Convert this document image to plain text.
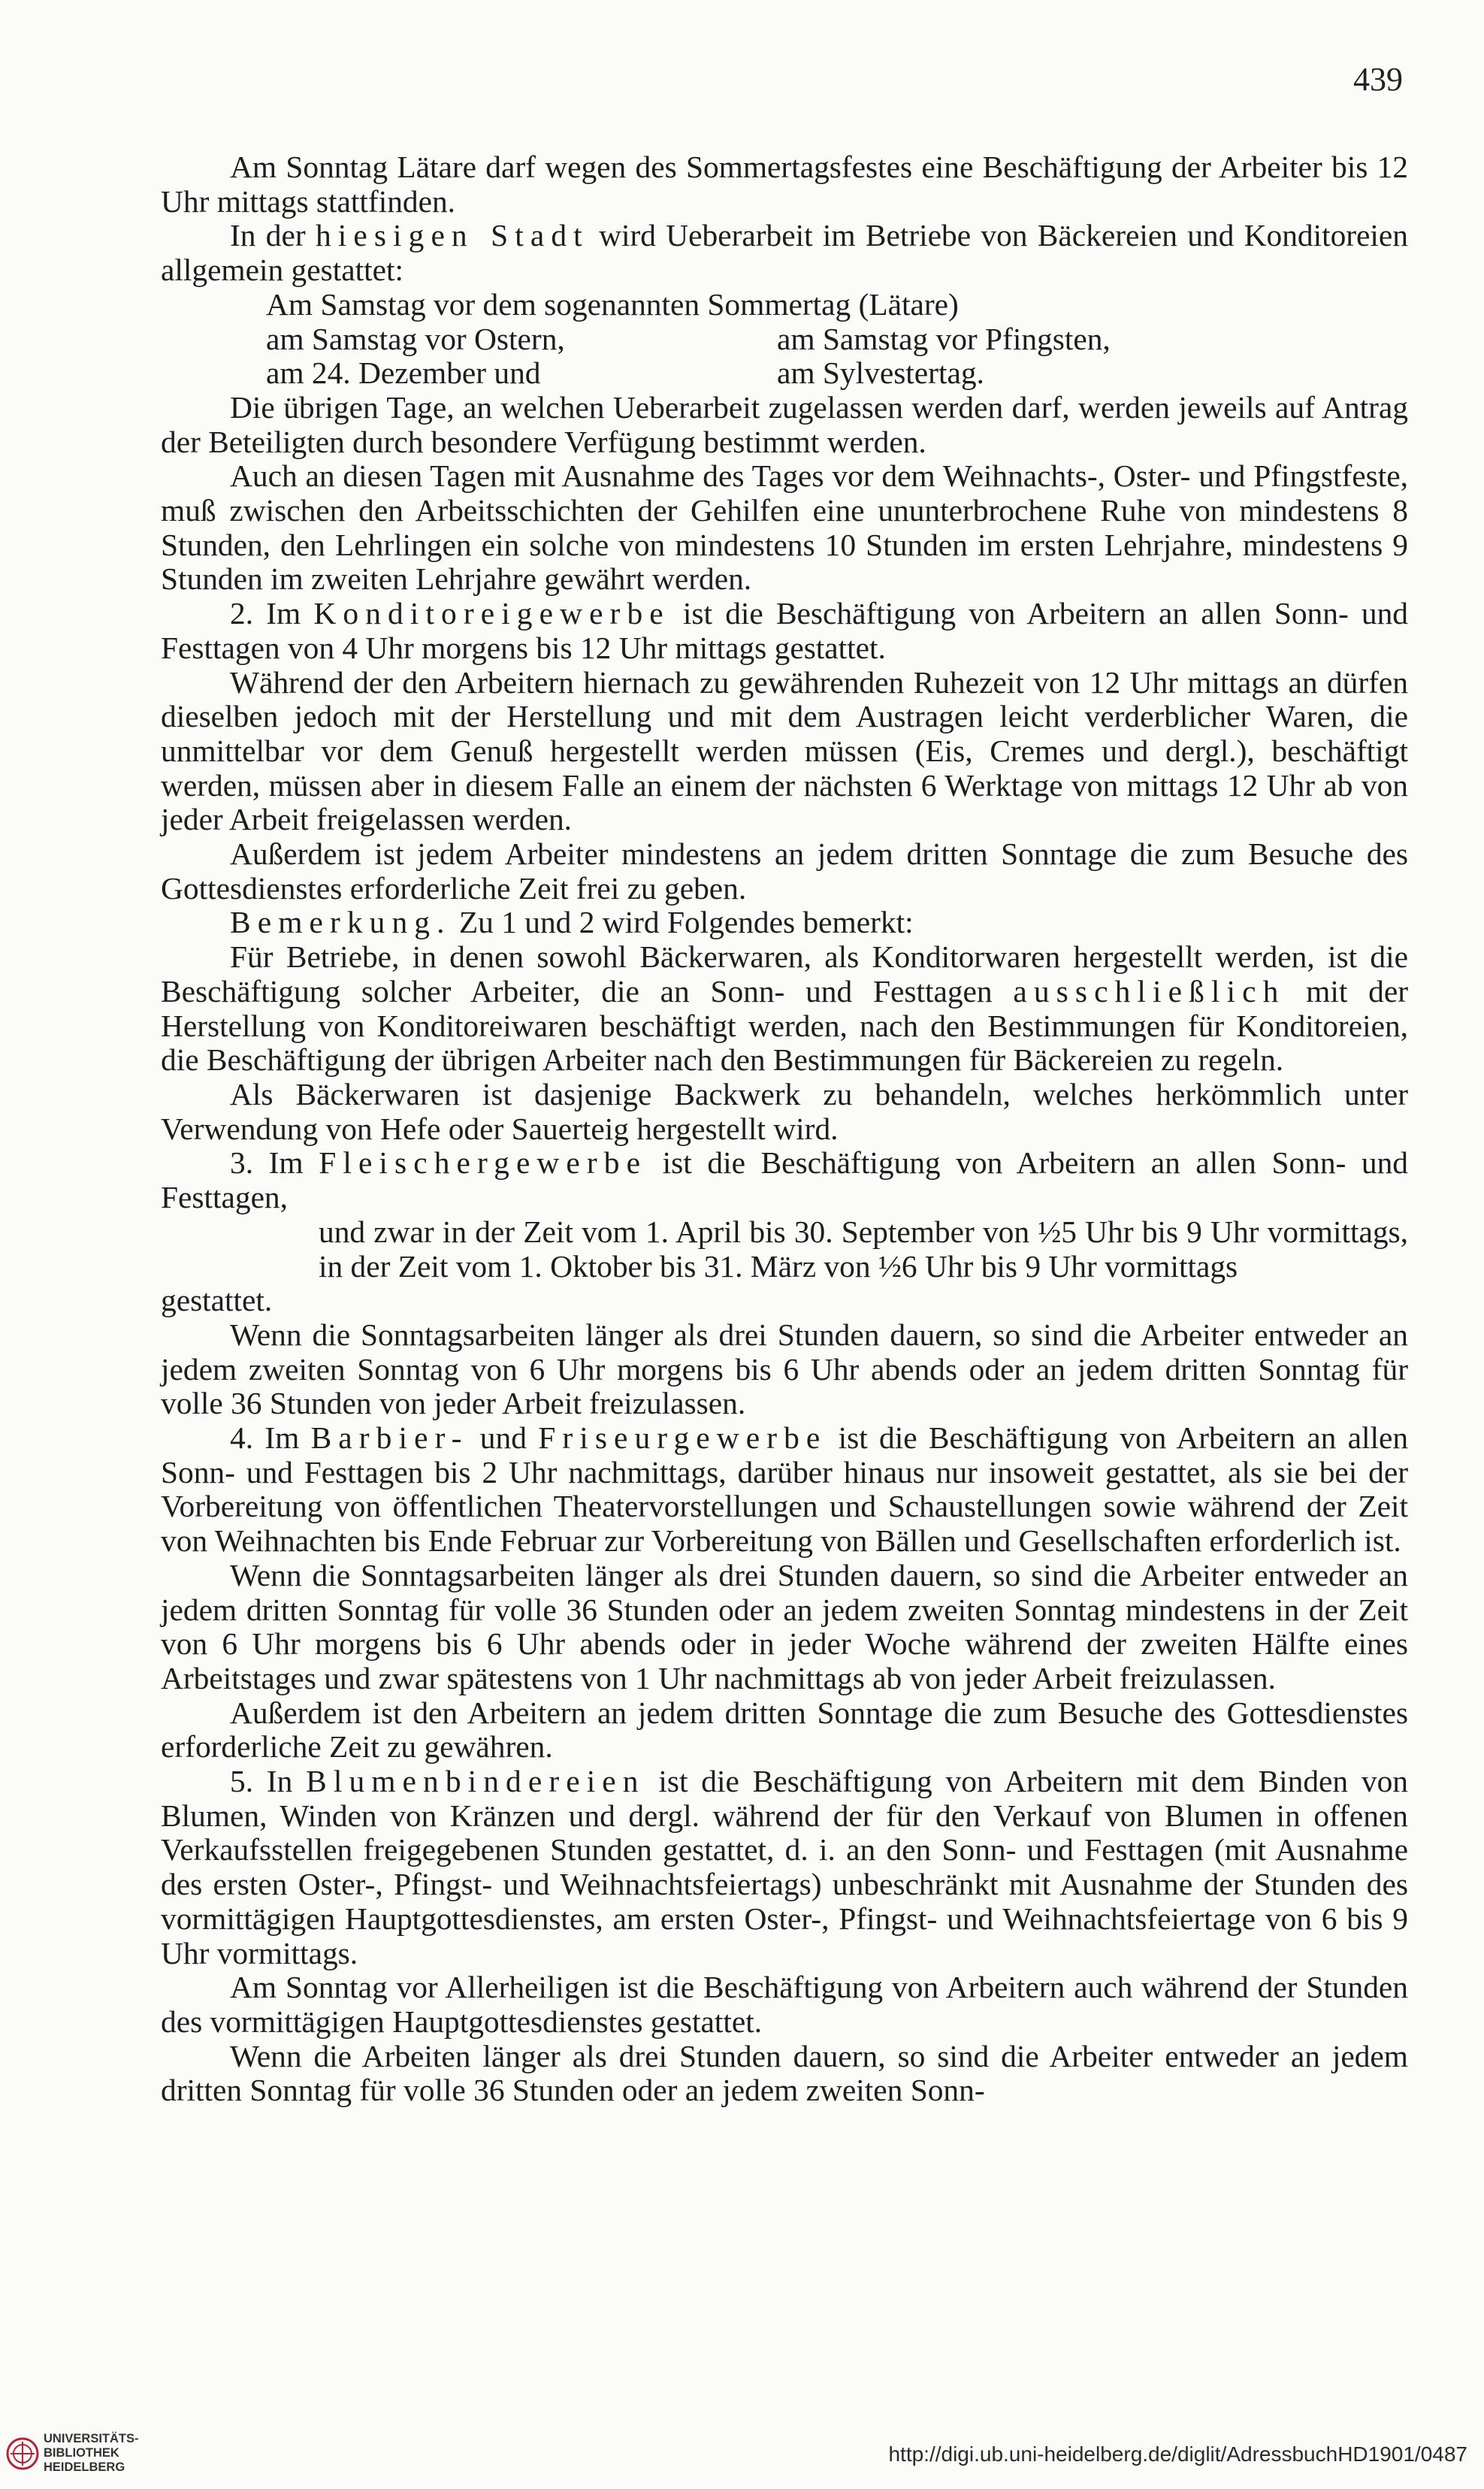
439

Am Sonntag Lätare darf wegen des Sommertagsfestes eine Beschäftigung der Arbeiter bis 12 Uhr mittags stattfinden.

In der hiesigen Stadt wird Ueberarbeit im Betriebe von Bäckereien und Konditoreien allgemein gestattet:

Am Samstag vor dem sogenannten Sommertag (Lätare)

am Samstag vor Ostern,	am Samstag vor Pfingsten,
am 24. Dezember und	am Sylvestertag.

Die übrigen Tage, an welchen Ueberarbeit zugelassen werden darf, werden jeweils auf Antrag der Beteiligten durch besondere Verfügung bestimmt werden.

Auch an diesen Tagen mit Ausnahme des Tages vor dem Weihnachts-, Oster- und Pfingstfeste, muß zwischen den Arbeitsschichten der Gehilfen eine ununterbrochene Ruhe von mindestens 8 Stunden, den Lehrlingen ein solche von mindestens 10 Stunden im ersten Lehrjahre, mindestens 9 Stunden im zweiten Lehrjahre gewährt werden.

2. Im Konditoreigewerbe ist die Beschäftigung von Arbeitern an allen Sonn- und Festtagen von 4 Uhr morgens bis 12 Uhr mittags gestattet.

Während der den Arbeitern hiernach zu gewährenden Ruhezeit von 12 Uhr mittags an dürfen dieselben jedoch mit der Herstellung und mit dem Austragen leicht verderblicher Waren, die unmittelbar vor dem Genuß hergestellt werden müssen (Eis, Cremes und dergl.), beschäftigt werden, müssen aber in diesem Falle an einem der nächsten 6 Werktage von mittags 12 Uhr ab von jeder Arbeit freigelassen werden.

Außerdem ist jedem Arbeiter mindestens an jedem dritten Sonntage die zum Besuche des Gottesdienstes erforderliche Zeit frei zu geben.

Bemerkung. Zu 1 und 2 wird Folgendes bemerkt:

Für Betriebe, in denen sowohl Bäckerwaren, als Konditorwaren hergestellt werden, ist die Beschäftigung solcher Arbeiter, die an Sonn- und Festtagen ausschließlich mit der Herstellung von Konditoreiwaren beschäftigt werden, nach den Bestimmungen für Konditoreien, die Beschäftigung der übrigen Arbeiter nach den Bestimmungen für Bäckereien zu regeln.

Als Bäckerwaren ist dasjenige Backwerk zu behandeln, welches herkömmlich unter Verwendung von Hefe oder Sauerteig hergestellt wird.

3. Im Fleischergewerbe ist die Beschäftigung von Arbeitern an allen Sonn- und Festtagen,

und zwar in der Zeit vom 1. April bis 30. September von ½5 Uhr bis 9 Uhr vormittags, in der Zeit vom 1. Oktober bis 31. März von ½6 Uhr bis 9 Uhr vormittags

gestattet.

Wenn die Sonntagsarbeiten länger als drei Stunden dauern, so sind die Arbeiter entweder an jedem zweiten Sonntag von 6 Uhr morgens bis 6 Uhr abends oder an jedem dritten Sonntag für volle 36 Stunden von jeder Arbeit freizulassen.

4. Im Barbier- und Friseurgewerbe ist die Beschäftigung von Arbeitern an allen Sonn- und Festtagen bis 2 Uhr nachmittags, darüber hinaus nur insoweit gestattet, als sie bei der Vorbereitung von öffentlichen Theatervorstellungen und Schaustellungen sowie während der Zeit von Weihnachten bis Ende Februar zur Vorbereitung von Bällen und Gesellschaften erforderlich ist.

Wenn die Sonntagsarbeiten länger als drei Stunden dauern, so sind die Arbeiter entweder an jedem dritten Sonntag für volle 36 Stunden oder an jedem zweiten Sonntag mindestens in der Zeit von 6 Uhr morgens bis 6 Uhr abends oder in jeder Woche während der zweiten Hälfte eines Arbeitstages und zwar spätestens von 1 Uhr nachmittags ab von jeder Arbeit freizulassen.

Außerdem ist den Arbeitern an jedem dritten Sonntage die zum Besuche des Gottesdienstes erforderliche Zeit zu gewähren.

5. In Blumenbindereien ist die Beschäftigung von Arbeitern mit dem Binden von Blumen, Winden von Kränzen und dergl. während der für den Verkauf von Blumen in offenen Verkaufsstellen freigegebenen Stunden gestattet, d. i. an den Sonn- und Festtagen (mit Ausnahme des ersten Oster-, Pfingst- und Weihnachtsfeiertags) unbeschränkt mit Ausnahme der Stunden des vormittägigen Hauptgottesdienstes, am ersten Oster-, Pfingst- und Weihnachtsfeiertage von 6 bis 9 Uhr vormittags.

Am Sonntag vor Allerheiligen ist die Beschäftigung von Arbeitern auch während der Stunden des vormittägigen Hauptgottesdienstes gestattet.

Wenn die Arbeiten länger als drei Stunden dauern, so sind die Arbeiter entweder an jedem dritten Sonntag für volle 36 Stunden oder an jedem zweiten Sonn-

UNIVERSITÄTS-
BIBLIOTHEK
HEIDELBERG
http://digi.ub.uni-heidelberg.de/diglit/AdressbuchHD1901/0487
